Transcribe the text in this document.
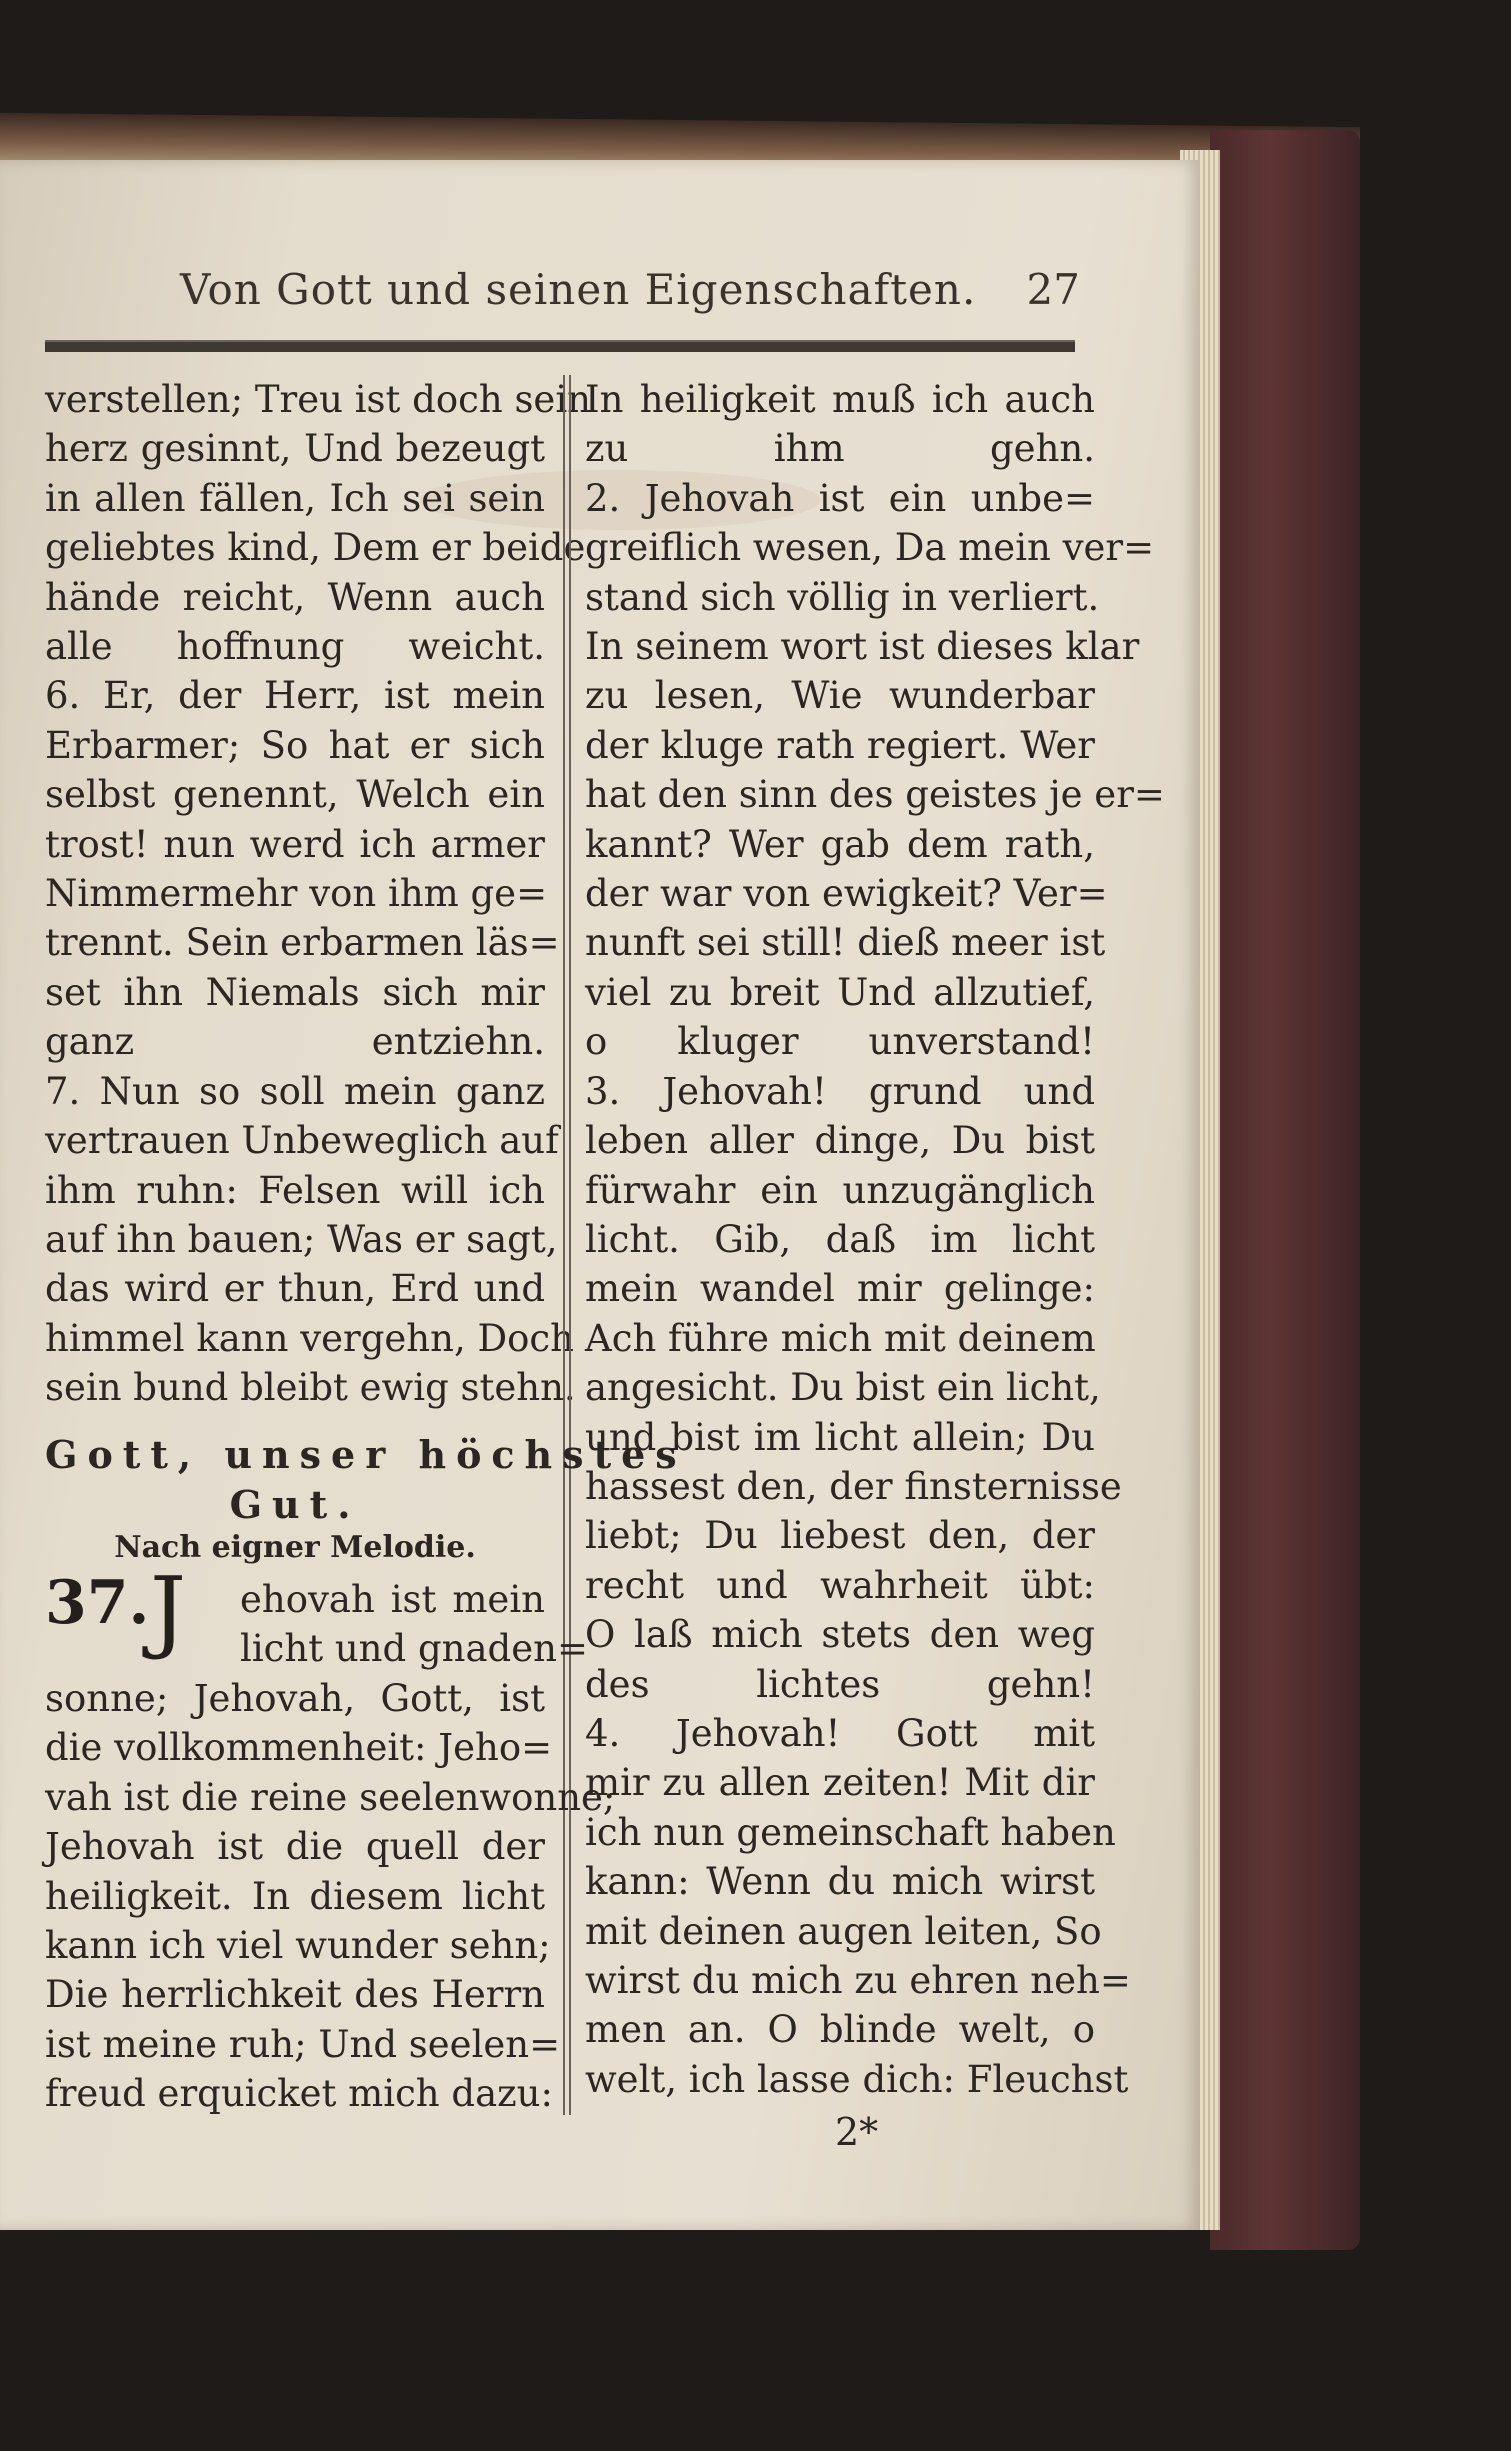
Von Gott und seinen Eigenschaften. 27
verstellen; Treu ist doch sein
herz gesinnt, Und bezeugt
in allen fällen, Ich sei sein
geliebtes kind, Dem er beide
hände reicht, Wenn auch
alle hoffnung weicht.
6. Er, der Herr, ist mein
Erbarmer; So hat er sich
selbst genennt, Welch ein
trost! nun werd ich armer
Nimmermehr von ihm ge=
trennt. Sein erbarmen läs=
set ihn Niemals sich mir
ganz entziehn.
7. Nun so soll mein ganz
vertrauen Unbeweglich auf
ihm ruhn: Felsen will ich
auf ihn bauen; Was er sagt,
das wird er thun, Erd und
himmel kann vergehn, Doch
sein bund bleibt ewig stehn.
Gott, unser höchstes
Gut.
Nach eigner Melodie.
37. J ehovah ist mein
licht und gnaden=
sonne; Jehovah, Gott, ist
die vollkommenheit: Jeho=
vah ist die reine seelenwonne;
Jehovah ist die quell der
heiligkeit. In diesem licht
kann ich viel wunder sehn;
Die herrlichkeit des Herrn
ist meine ruh; Und seelen=
freud erquicket mich dazu:
In heiligkeit muß ich auch
zu ihm gehn.
2. Jehovah ist ein unbe=
greiflich wesen, Da mein ver=
stand sich völlig in verliert.
In seinem wort ist dieses klar
zu lesen, Wie wunderbar
der kluge rath regiert. Wer
hat den sinn des geistes je er=
kannt? Wer gab dem rath,
der war von ewigkeit? Ver=
nunft sei still! dieß meer ist
viel zu breit Und allzutief,
o kluger unverstand!
3. Jehovah! grund und
leben aller dinge, Du bist
fürwahr ein unzugänglich
licht. Gib, daß im licht
mein wandel mir gelinge:
Ach führe mich mit deinem
angesicht. Du bist ein licht,
und bist im licht allein; Du
hassest den, der finsternisse
liebt; Du liebest den, der
recht und wahrheit übt:
O laß mich stets den weg
des lichtes gehn!
4. Jehovah! Gott mit
mir zu allen zeiten! Mit dir
ich nun gemeinschaft haben
kann: Wenn du mich wirst
mit deinen augen leiten, So
wirst du mich zu ehren neh=
men an. O blinde welt, o
welt, ich lasse dich: Fleuchst
2*
